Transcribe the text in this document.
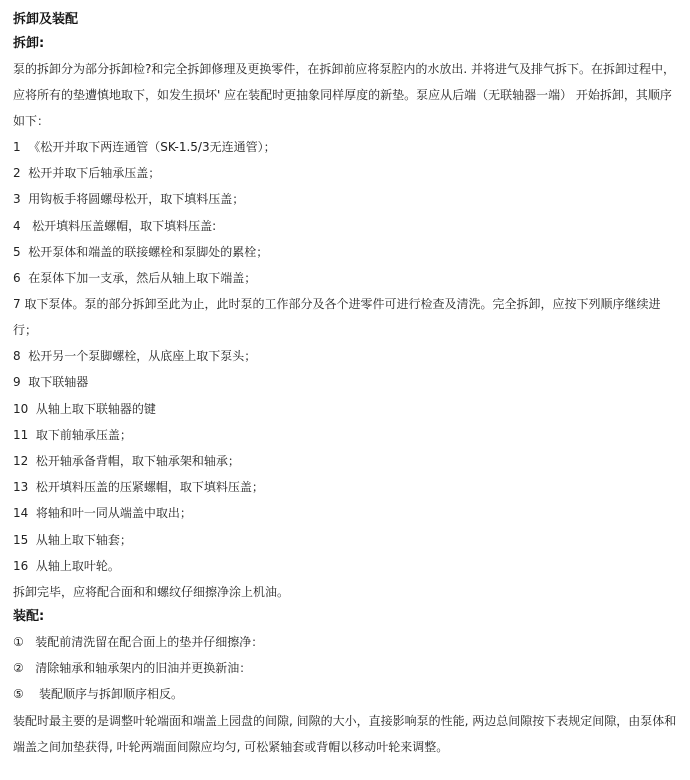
拆卸及装配
拆卸:

泵的拆卸分为部分拆卸检?和完全拆卸修理及更换零件，在拆卸前应将泵腔内的水放出. 并将进气及排气拆下。在拆卸过程中，应将所有的垫遭慎地取下，如发生损坏' 应在装配时更抽象同样厚度的新垫。泵应从后端（无联轴器一端） 开始拆卸，其顺序如下：

1  《松开并取下两连通管（SK-1.5/3无连通管）；
2  松开并取下后轴承压盖；
3  用钩板手将圆螺母松开，取下填料压盖；
4   松开填料压盖螺帽，取下填料压盖:
5  松开泵体和端盖的联接螺栓和泵脚处的累栓；
6  在泵体下加一支承，然后从轴上取下端盖；

7 取下泵体。泵的部分拆卸至此为止，此时泵的工作部分及各个进零件可进行检查及清洗。完全拆卸，应按下列顺序继续进行；

8  松开另一个泵脚螺栓，从底座上取下泵头；
9  取下联轴器
10  从轴上取下联轴器的键
11  取下前轴承压盖；
12  松开轴承备背帽，取下轴承架和轴承；
13  松开填料压盖的压紧螺帽，取下填料压盖；
14  将轴和叶一同从端盖中取出；
15  从轴上取下轴套；
16  从轴上取叶轮。

拆卸完毕，应将配合面和和螺纹仔细擦净涂上机油。

装配:
①   装配前清洗留在配合面上的垫并仔细擦净：
②   清除轴承和轴承架内的旧油并更换新油：
⑤    装配顺序与拆卸顺序相反。

装配时最主要的是调整叶轮端面和端盖上园盘的间隙, 间隙的大小，直接影响泵的性能, 两边总间隙按下表规定间隙，由泵体和端盖之间加垫获得, 叶轮两端面间隙应均匀, 可松紧轴套或背帽以移动叶轮来调整。
